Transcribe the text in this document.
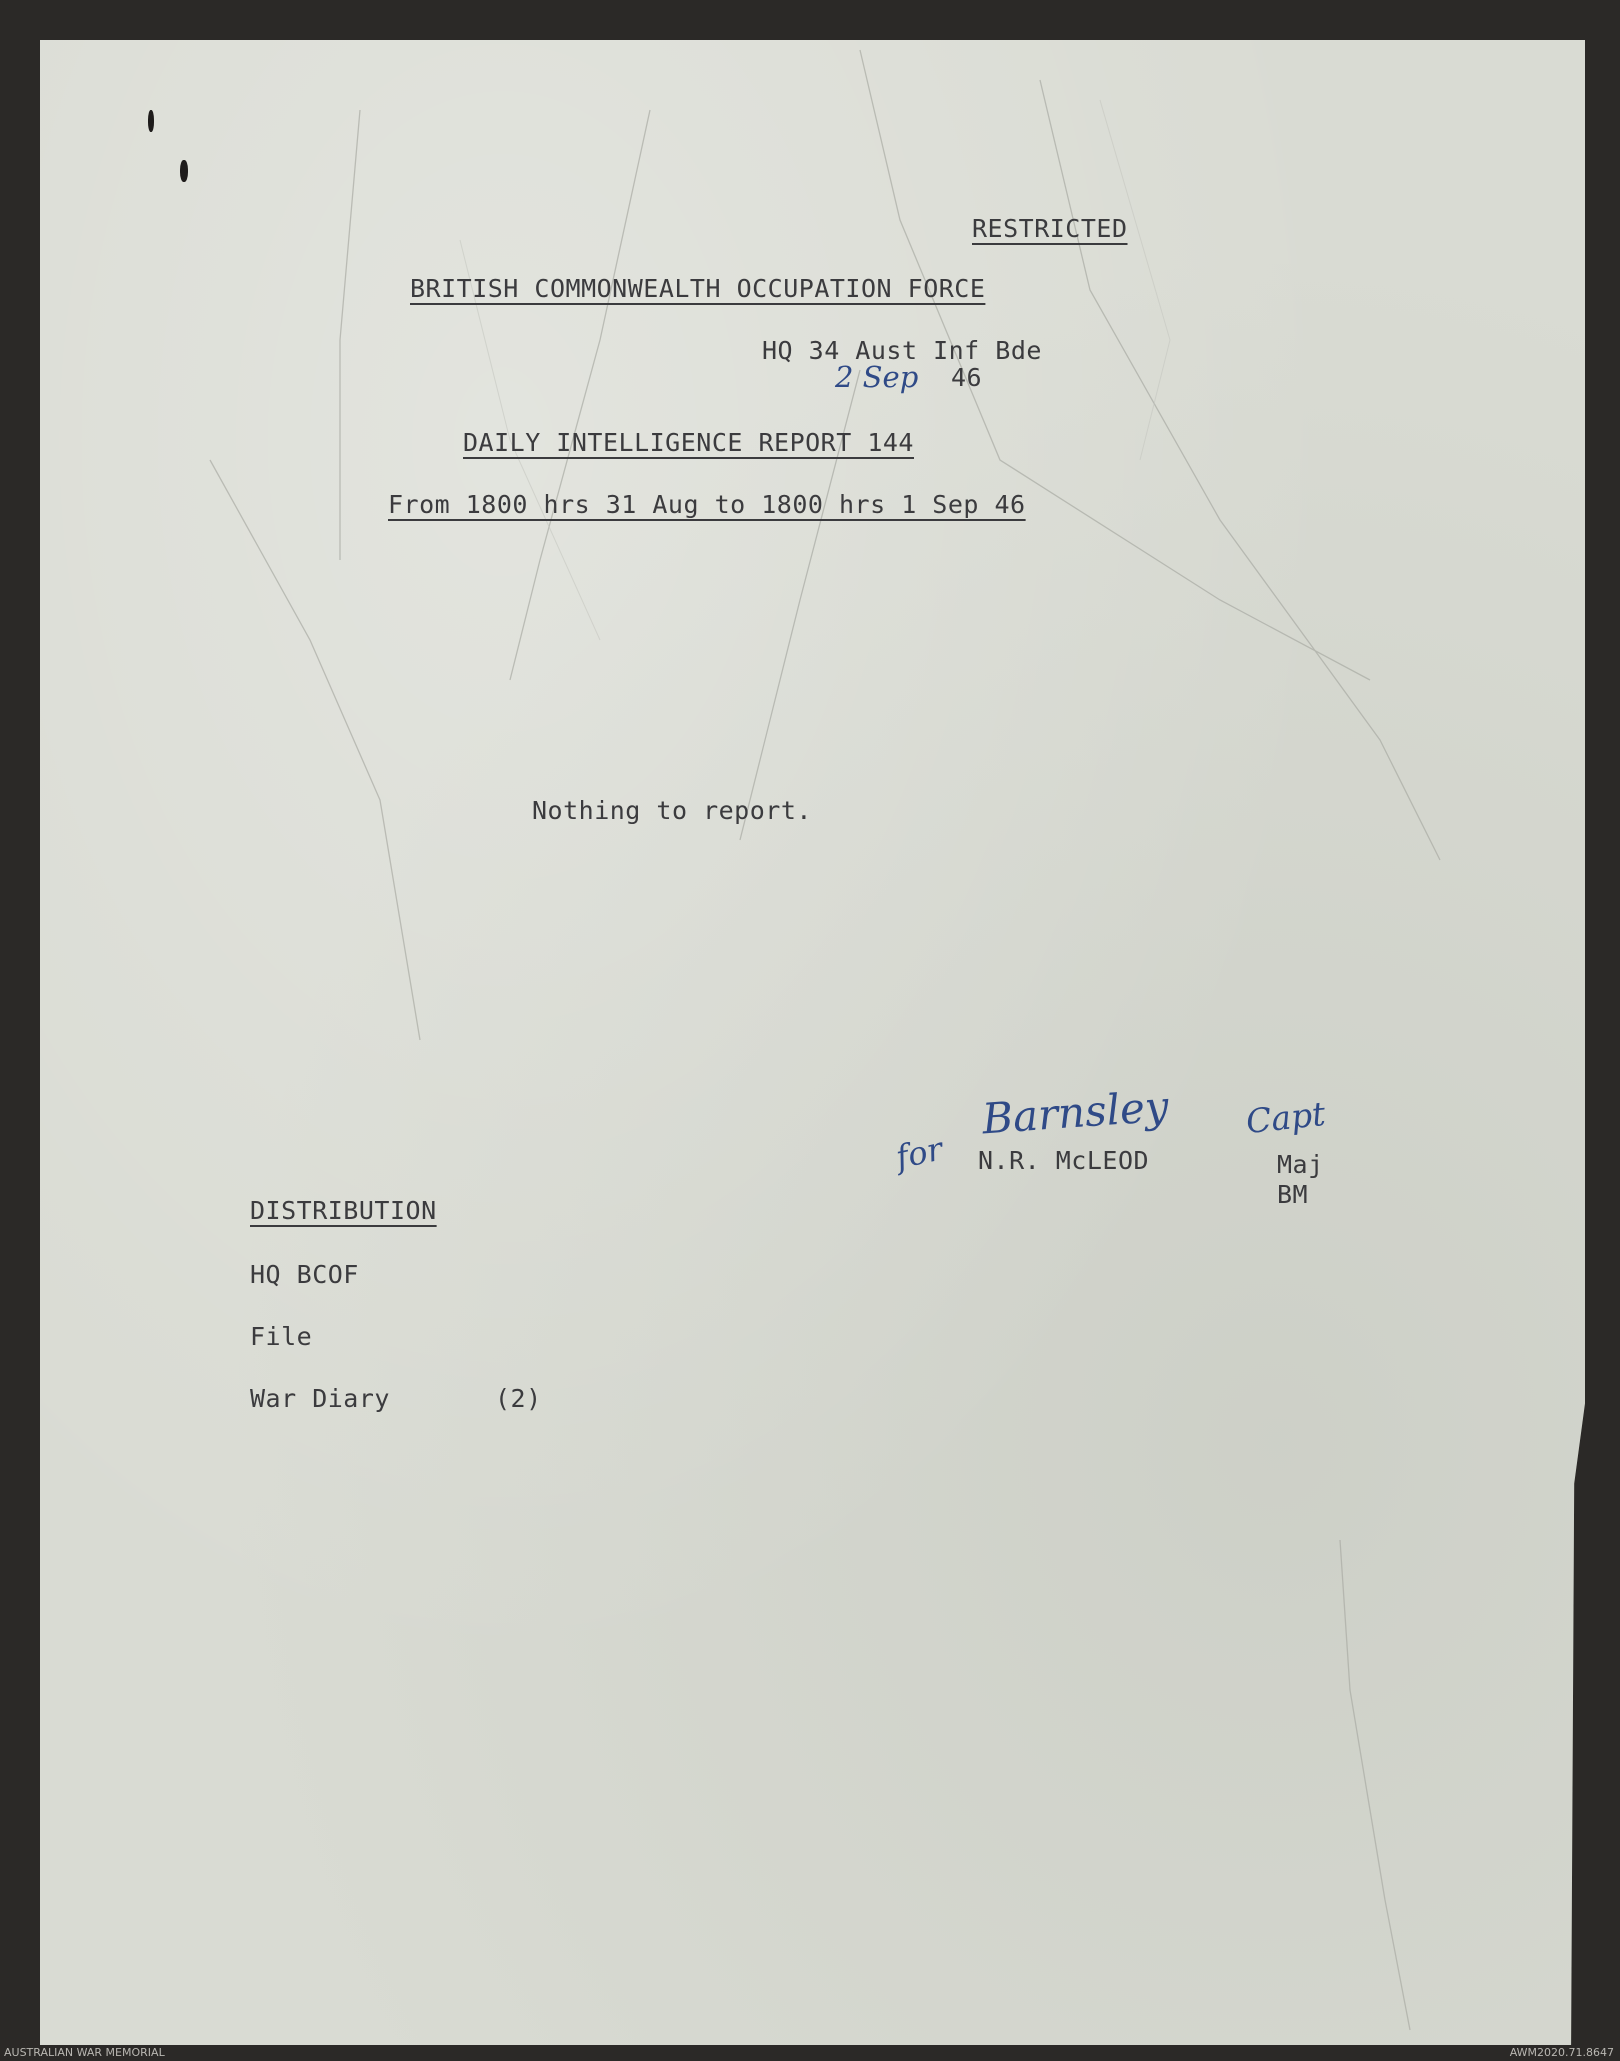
RESTRICTED
BRITISH COMMONWEALTH OCCUPATION FORCE
HQ 34 Aust Inf Bde
2 Sep 46
DAILY INTELLIGENCE REPORT 144
From 1800 hrs 31 Aug to 1800 hrs 1 Sep 46
Nothing to report.
for
Barnsley Capt
N.R. McLEOD	Maj
BM
DISTRIBUTION
HQ BCOF
File
War Diary	(2)
AUSTRALIAN WAR MEMORIAL	AWM2020.71.8647
